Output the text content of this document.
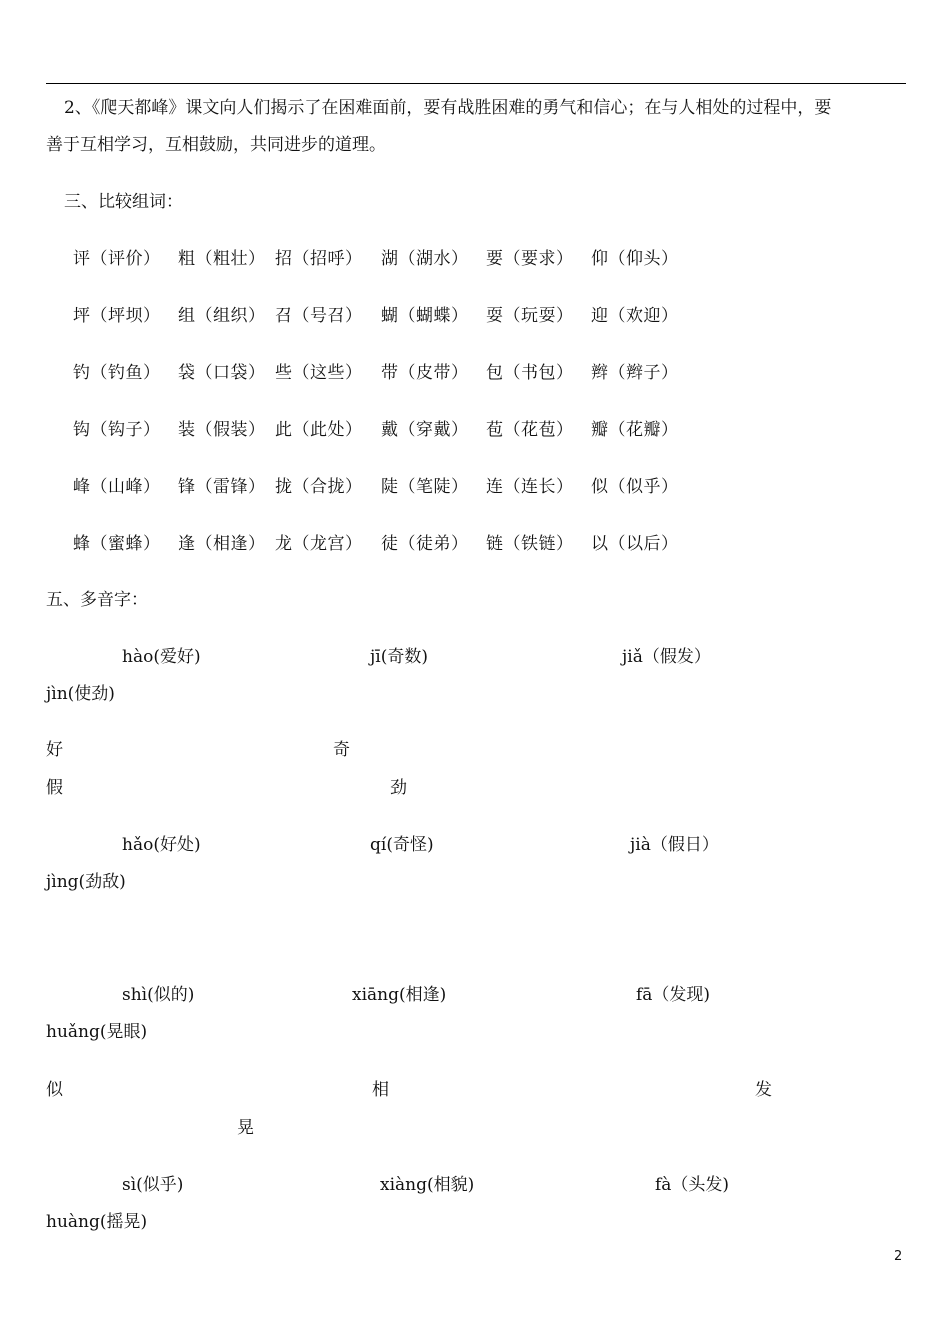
2、《爬天都峰》课文向人们揭示了在困难面前，要有战胜困难的勇气和信心；在与人相处的过程中，要
善于互相学习，互相鼓励，共同进步的道理。
三、比较组词：
评（评价） 粗（粗壮） 招（招呼） 湖（湖水） 要（要求） 仰（仰头）
坪（坪坝） 组（组织） 召（号召） 蝴（蝴蝶） 耍（玩耍） 迎（欢迎）
钓（钓鱼） 袋（口袋） 些（这些） 带（皮带） 包（书包） 辫（辫子）
钩（钩子） 装（假装） 此（此处） 戴（穿戴） 苞（花苞） 瓣（花瓣）
峰（山峰） 锋（雷锋） 拢（合拢） 陡（笔陡） 连（连长） 似（似乎）
蜂（蜜蜂） 逢（相逢） 龙（龙宫） 徒（徒弟） 链（铁链） 以（以后）
五、多音字：
hào(爱好)	jī(奇数)	jiǎ（假发）
jìn(使劲)
好	奇
假	劲
hǎo(好处)	qí(奇怪)	jià（假日）
jìng(劲敌)
shì(似的)	xiāng(相逢)	fā（发现)
huǎng(晃眼)
似	相	发
晃
sì(似乎)	xiàng(相貌)	fà（头发)
huàng(摇晃)
2
